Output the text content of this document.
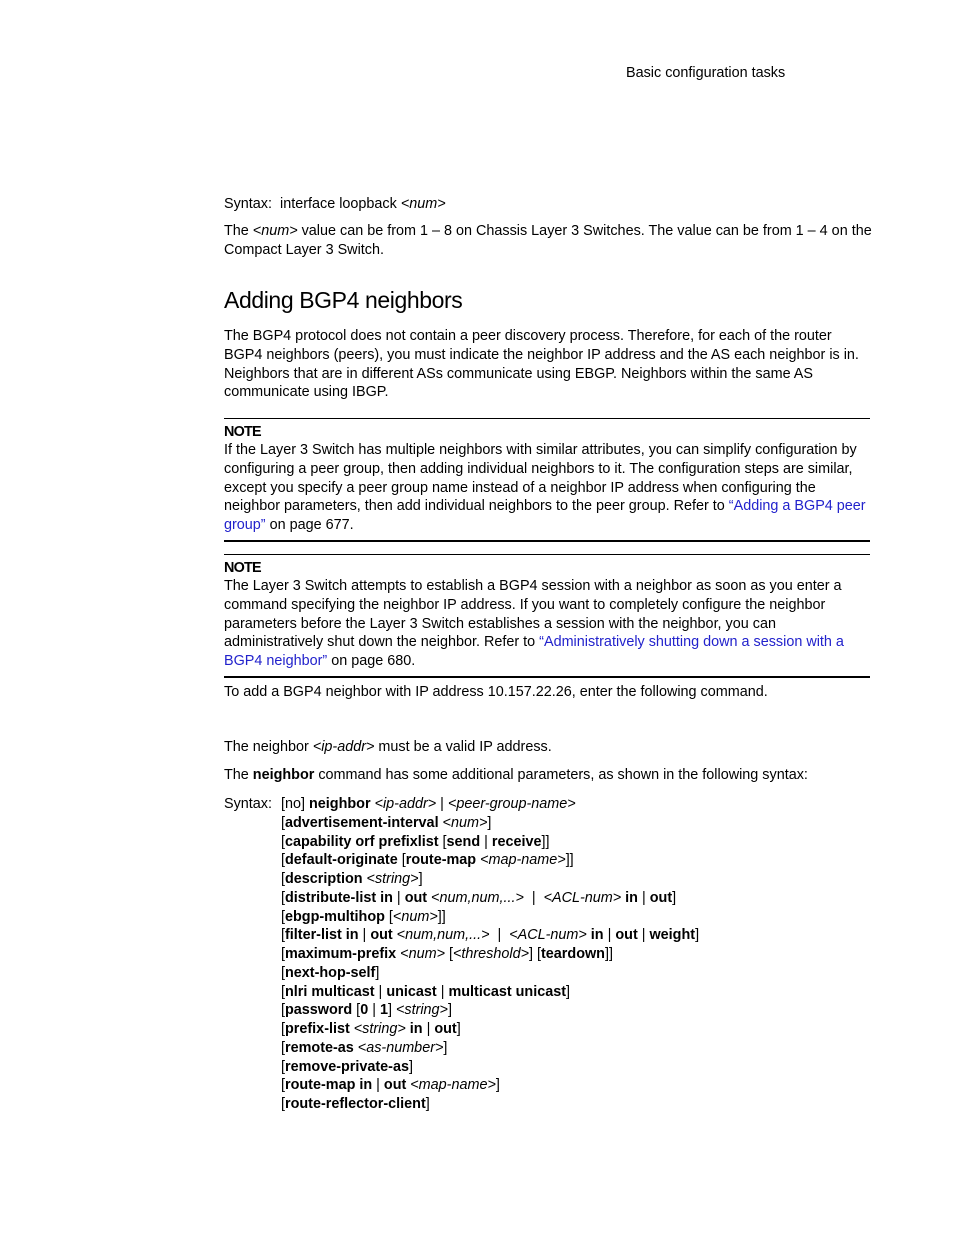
Basic configuration tasks
Syntax: interface loopback <num>
The <num> value can be from 1 – 8 on Chassis Layer 3 Switches. The value can be from 1 – 4 on the Compact Layer 3 Switch.
Adding BGP4 neighbors
The BGP4 protocol does not contain a peer discovery process. Therefore, for each of the router BGP4 neighbors (peers), you must indicate the neighbor IP address and the AS each neighbor is in. Neighbors that are in different ASs communicate using EBGP. Neighbors within the same AS communicate using IBGP.
NOTE
If the Layer 3 Switch has multiple neighbors with similar attributes, you can simplify configuration by configuring a peer group, then adding individual neighbors to it. The configuration steps are similar, except you specify a peer group name instead of a neighbor IP address when configuring the neighbor parameters, then add individual neighbors to the peer group. Refer to “Adding a BGP4 peer group” on page 677.
NOTE
The Layer 3 Switch attempts to establish a BGP4 session with a neighbor as soon as you enter a command specifying the neighbor IP address. If you want to completely configure the neighbor parameters before the Layer 3 Switch establishes a session with the neighbor, you can administratively shut down the neighbor. Refer to “Administratively shutting down a session with a BGP4 neighbor” on page 680.
To add a BGP4 neighbor with IP address 10.157.22.26, enter the following command.
The neighbor <ip-addr> must be a valid IP address.
The neighbor command has some additional parameters, as shown in the following syntax:
Syntax: [no] neighbor <ip-addr> | <peer-group-name>
[advertisement-interval <num>]
[capability orf prefixlist [send | receive]]
[default-originate [route-map <map-name>]]
[description <string>]
[distribute-list in | out <num,num,...>  |  <ACL-num> in | out]
[ebgp-multihop [<num>]]
[filter-list in | out <num,num,...>  |  <ACL-num> in | out | weight]
[maximum-prefix <num> [<threshold>] [teardown]]
[next-hop-self]
[nlri multicast | unicast | multicast unicast]
[password [0 | 1] <string>]
[prefix-list <string> in | out]
[remote-as <as-number>]
[remove-private-as]
[route-map in | out <map-name>]
[route-reflector-client]
